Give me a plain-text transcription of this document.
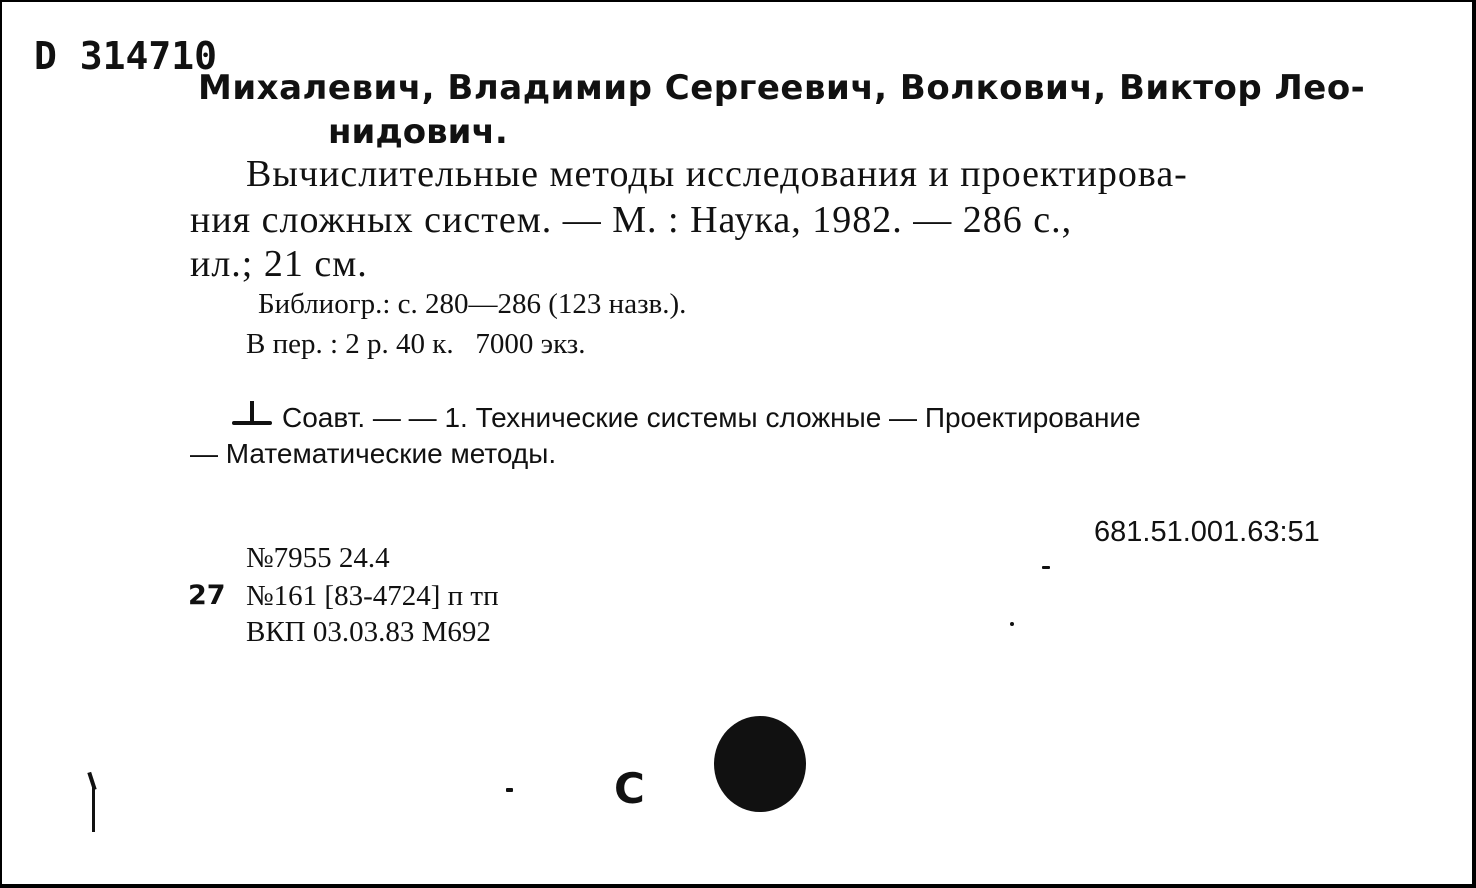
D 314710
Михалевич, Владимир Сергеевич, Волкович, Виктор Лео-
нидович.
Вычислительные методы исследования и проектирова-
ния сложных систем. — М. : Наука, 1982. — 286 с.,
ил.; 21 см.
Библиогр.: с. 280—286 (123 назв.).
В пер. : 2 р. 40 к.   7000 экз.
Соавт. — — 1. Технические системы сложные — Проектирование
— Математические методы.
681.51.001.63:51
№7955 24.4
27 №161 [83-4724] п тп
ВКП 03.03.83 М692
С
